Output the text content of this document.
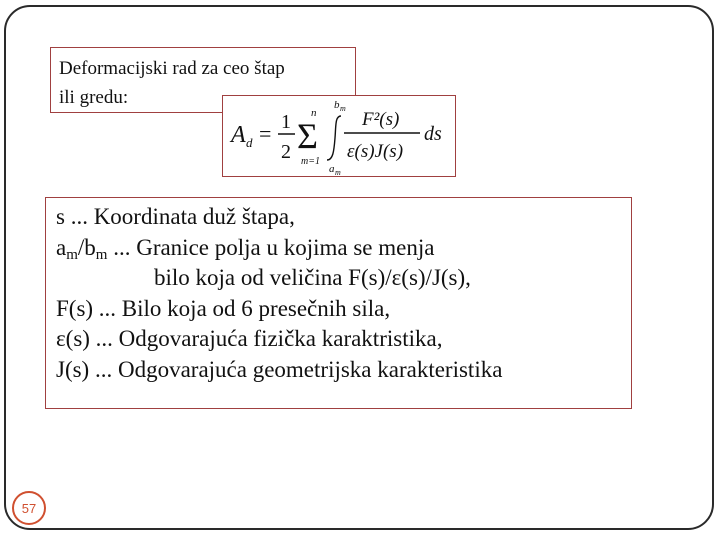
Deformacijski rad za ceo štap
ili gredu:
A d = 1
2
n
Σ
m=1
b m
a m
F²(s)
ε(s)J(s)
ds
s ... Koordinata duž štapa,
$a_m/b_m$ ... Granice polja u kojima se menja
bilo koja od veličina F(s)/ε(s)/J(s),
F(s) ... Bilo koja od 6 presečnih sila,
ε(s) ... Odgovarajuća fizička karaktristika,
J(s) ... Odgovarajuća geometrijska karakteristika
57
